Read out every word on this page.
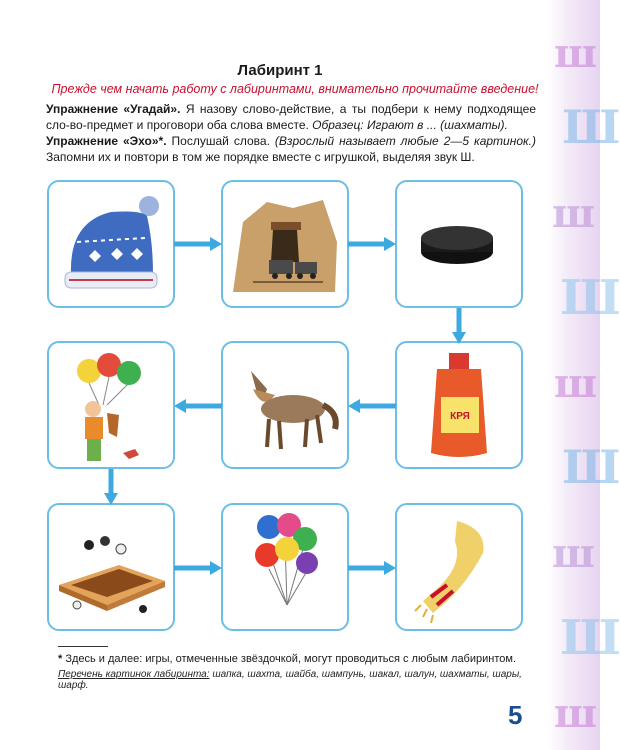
ш
Ш
ш
Ш
ш
Ш
ш
Ш
ш
Лабиринт 1
Прежде чем начать работу с лабиринтами, внимательно прочитайте введение!
Упражнение «Угадай». Я назову слово-действие, а ты подбери к нему подходящее сло-во-предмет и проговори оба слова вместе. Образец: Играют в ... (шахматы).
Упражнение «Эхо»*. Послушай слова. (Взрослый называет любые 2—5 картинок.) Запомни их и повтори в том же порядке вместе с игрушкой, выделяя звук Ш.
КРЯ
* Здесь и далее: игры, отмеченные звёздочкой, могут проводиться с любым лабиринтом.
Перечень картинок лабиринта: шапка, шахта, шайба, шампунь, шакал, шалун, шахматы, шары, шарф.
5
